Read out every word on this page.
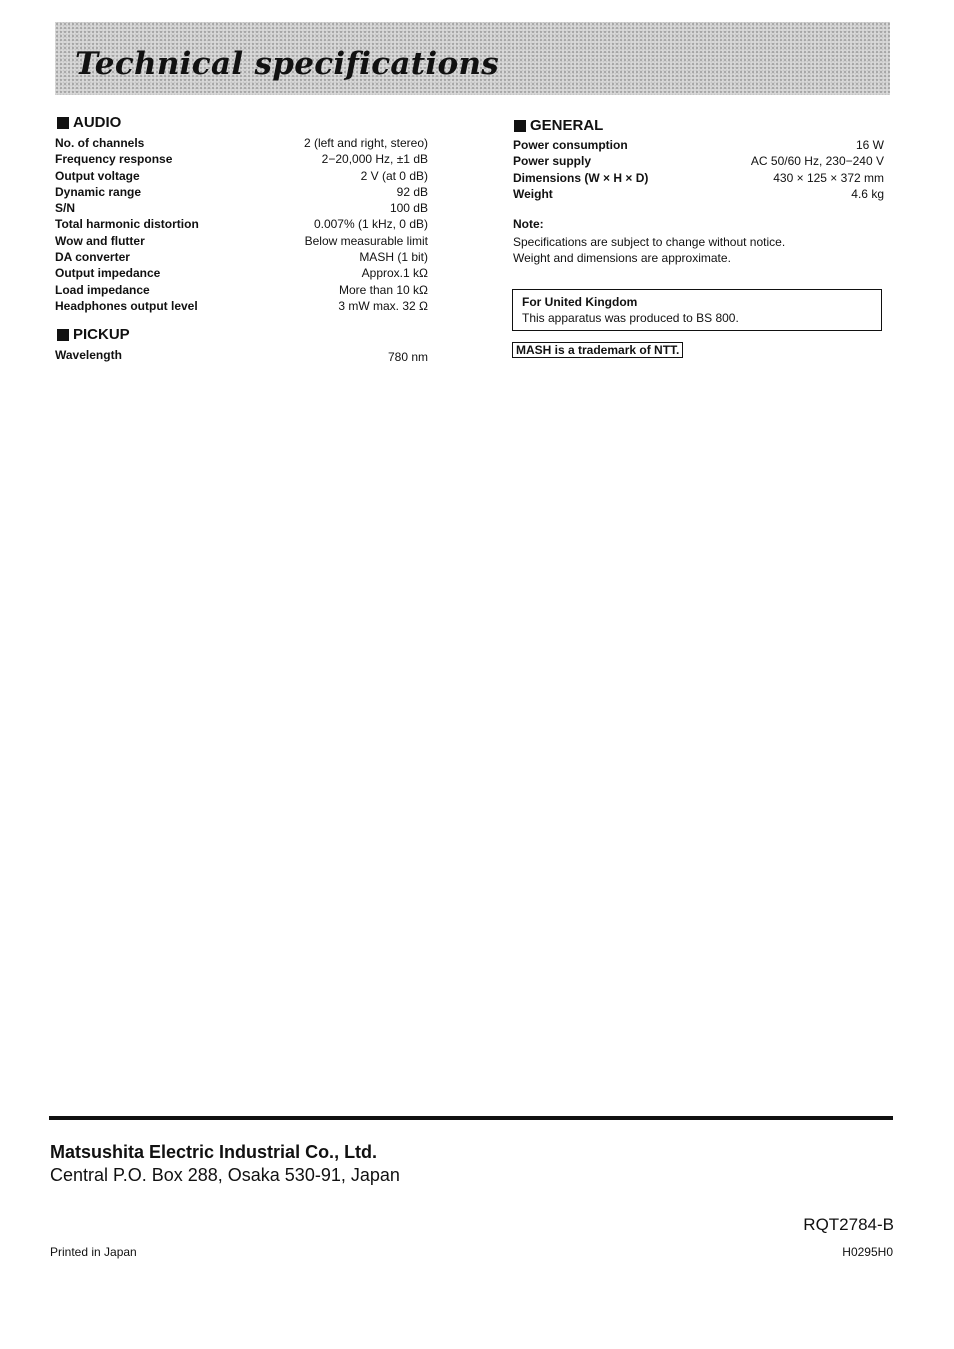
Technical specifications
AUDIO
No. of channels	2 (left and right, stereo)
Frequency response	2−20,000 Hz, ±1 dB
Output voltage	2 V (at 0 dB)
Dynamic range	92 dB
S/N	100 dB
Total harmonic distortion	0.007% (1 kHz, 0 dB)
Wow and flutter	Below measurable limit
DA converter	MASH (1 bit)
Output impedance	Approx.1 kΩ
Load impedance	More than 10 kΩ
Headphones output level	3 mW max. 32 Ω
PICKUP
Wavelength	780 nm
GENERAL
Power consumption	16 W
Power supply	AC 50/60 Hz, 230−240 V
Dimensions (W × H × D)	430 × 125 × 372 mm
Weight	4.6 kg

Note:

Specifications are subject to change without notice.

Weight and dimensions are approximate.

For United Kingdom

This apparatus was produced to BS 800.

MASH is a trademark of NTT.

Matsushita Electric Industrial Co., Ltd.

Central P.O. Box 288, Osaka 530-91, Japan

RQT2784-B

Printed in Japan	H0295H0
